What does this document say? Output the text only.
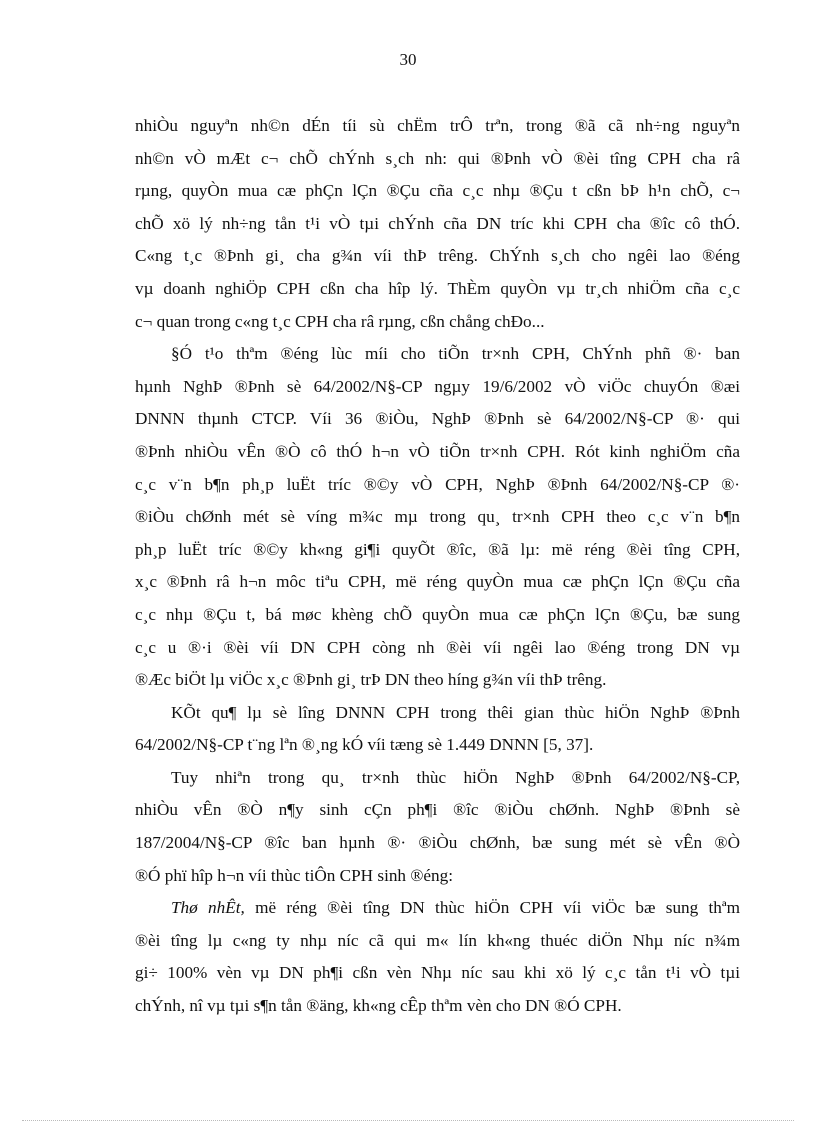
30
nhiÒu nguyªn nh©n dÉn tíi sù chËm trÔ trªn, trong ®ã cã nh÷ng nguyªn
nh©n vÒ mÆt c¬ chÕ chÝnh s¸ch nh: qui ®Þnh vÒ ®èi tîng CPH cha râ
rµng, quyÒn mua cæ phÇn lÇn ®Çu cña c¸c nhµ ®Çu t cßn bÞ h¹n chÕ, c¬
chÕ xö lý nh÷ng tån t¹i vÒ tµi chÝnh cña DN tríc khi CPH cha ®îc cô thÓ.
C«ng t¸c ®Þnh gi¸ cha g¾n víi thÞ trêng. ChÝnh s¸ch cho ngêi lao ®éng
vµ doanh nghiÖp CPH cßn cha hîp lý. ThÈm quyÒn vµ tr¸ch nhiÖm cña c¸c
c¬ quan trong c«ng t¸c CPH cha râ rµng, cßn chång chÐo...
§Ó t¹o thªm ®éng lùc míi cho tiÕn tr×nh CPH, ChÝnh phñ ®· ban
hµnh NghÞ ®Þnh sè 64/2002/N§-CP ngµy 19/6/2002 vÒ viÖc chuyÓn ®æi
DNNN thµnh CTCP. Víi 36 ®iÒu, NghÞ ®Þnh sè 64/2002/N§-CP ®· qui
®Þnh nhiÒu vÊn ®Ò cô thÓ h¬n vÒ tiÕn tr×nh CPH. Rót kinh nghiÖm cña
c¸c v¨n b¶n ph¸p luËt tríc ®©y vÒ CPH, NghÞ ®Þnh 64/2002/N§-CP ®·
®iÒu chØnh mét sè víng m¾c mµ trong qu¸ tr×nh CPH theo c¸c v¨n b¶n
ph¸p luËt tríc ®©y kh«ng gi¶i quyÕt ®îc, ®ã lµ: më réng ®èi tîng CPH,
x¸c ®Þnh râ h¬n môc tiªu CPH, më réng quyÒn mua cæ phÇn lÇn ®Çu cña
c¸c nhµ ®Çu t, bá møc khèng chÕ quyÒn mua cæ phÇn lÇn ®Çu, bæ sung
c¸c u ®·i ®èi víi DN CPH còng nh ®èi víi ngêi lao ®éng trong DN vµ
®Æc biÖt lµ viÖc x¸c ®Þnh gi¸ trÞ DN theo híng g¾n víi thÞ trêng.
KÕt qu¶ lµ sè lîng DNNN CPH trong thêi gian thùc hiÖn NghÞ ®Þnh
64/2002/N§-CP t¨ng lªn ®¸ng kÓ víi tæng sè 1.449 DNNN [5, 37].
Tuy nhiªn trong qu¸ tr×nh thùc hiÖn NghÞ ®Þnh 64/2002/N§-CP,
nhiÒu vÊn ®Ò n¶y sinh cÇn ph¶i ®îc ®iÒu chØnh. NghÞ ®Þnh sè
187/2004/N§-CP ®îc ban hµnh ®· ®iÒu chØnh, bæ sung mét sè vÊn ®Ò
®Ó phï hîp h¬n víi thùc tiÔn CPH sinh ®éng:
Thø nhÊt, më réng ®èi tîng DN thùc hiÖn CPH víi viÖc bæ sung thªm
®èi tîng lµ c«ng ty nhµ níc cã qui m« lín kh«ng thuéc diÖn Nhµ níc n¾m
gi÷ 100% vèn vµ DN ph¶i cßn vèn Nhµ níc sau khi xö lý c¸c tån t¹i vÒ tµi
chÝnh, nî vµ tµi s¶n tån ®äng, kh«ng cÊp thªm vèn cho DN ®Ó CPH.
